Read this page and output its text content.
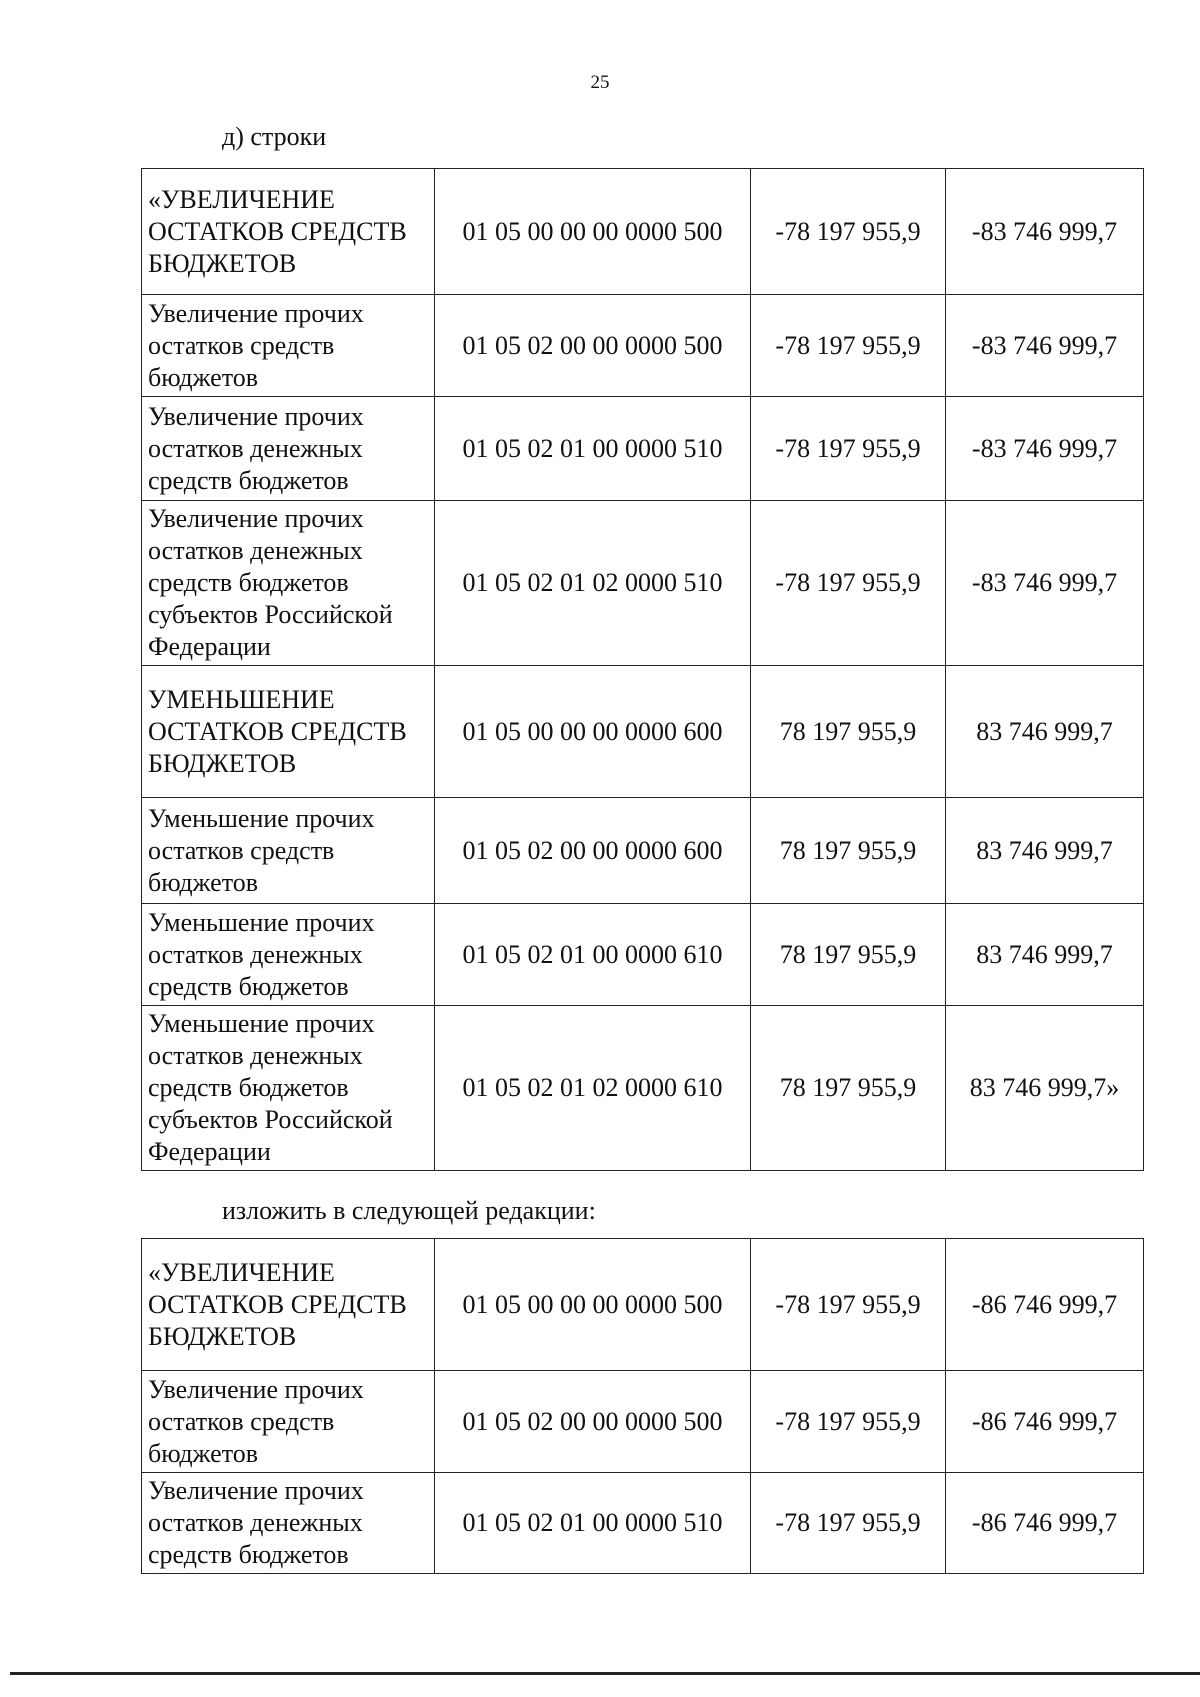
25
д) строки
«УВЕЛИЧЕНИЕ ОСТАТКОВ СРЕДСТВ БЮДЖЕТОВ	01 05 00 00 00 0000 500	-78 197 955,9	-83 746 999,7
Увеличение прочих остатков средств бюджетов	01 05 02 00 00 0000 500	-78 197 955,9	-83 746 999,7
Увеличение прочих остатков денежных средств бюджетов	01 05 02 01 00 0000 510	-78 197 955,9	-83 746 999,7
Увеличение прочих остатков денежных средств бюджетов субъектов Российской Федерации	01 05 02 01 02 0000 510	-78 197 955,9	-83 746 999,7
УМЕНЬШЕНИЕ ОСТАТКОВ СРЕДСТВ БЮДЖЕТОВ	01 05 00 00 00 0000 600	78 197 955,9	83 746 999,7
Уменьшение прочих остатков средств бюджетов	01 05 02 00 00 0000 600	78 197 955,9	83 746 999,7
Уменьшение прочих остатков денежных средств бюджетов	01 05 02 01 00 0000 610	78 197 955,9	83 746 999,7
Уменьшение прочих остатков денежных средств бюджетов субъектов Российской Федерации	01 05 02 01 02 0000 610	78 197 955,9	83 746 999,7»
изложить в следующей редакции:
«УВЕЛИЧЕНИЕ ОСТАТКОВ СРЕДСТВ БЮДЖЕТОВ	01 05 00 00 00 0000 500	-78 197 955,9	-86 746 999,7
Увеличение прочих остатков средств бюджетов	01 05 02 00 00 0000 500	-78 197 955,9	-86 746 999,7
Увеличение прочих остатков денежных средств бюджетов	01 05 02 01 00 0000 510	-78 197 955,9	-86 746 999,7
